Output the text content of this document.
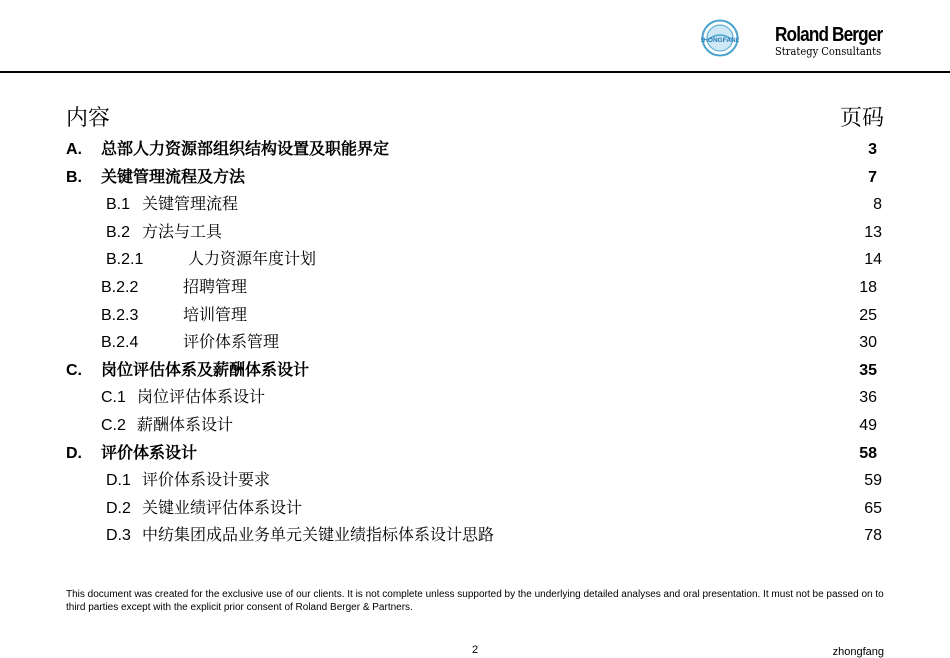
ZHONGFANG Roland Berger
Strategy Consultants
内容	页码
A. 总部人力资源部组织结构设置及职能界定	3
B. 关键管理流程及方法	7
B.1 关键管理流程	8
B.2 方法与工具	13
B.2.1	人力资源年度计划	14
B.2.2	招聘管理	18
B.2.3	培训管理	25
B.2.4	评价体系管理	30
C. 岗位评估体系及薪酬体系设计	35
C.1 岗位评估体系设计	36
C.2 薪酬体系设计	49
D. 评价体系设计	58
D.1 评价体系设计要求	59
D.2 关键业绩评估体系设计	65
D.3 中纺集团成品业务单元关键业绩指标体系设计思路	78
This document was created for the exclusive use of our clients. It is not complete unless supported by the underlying detailed analyses and oral presentation. It must not be passed on to third parties except with the explicit prior consent of Roland Berger & Partners.
2	zhongfang
